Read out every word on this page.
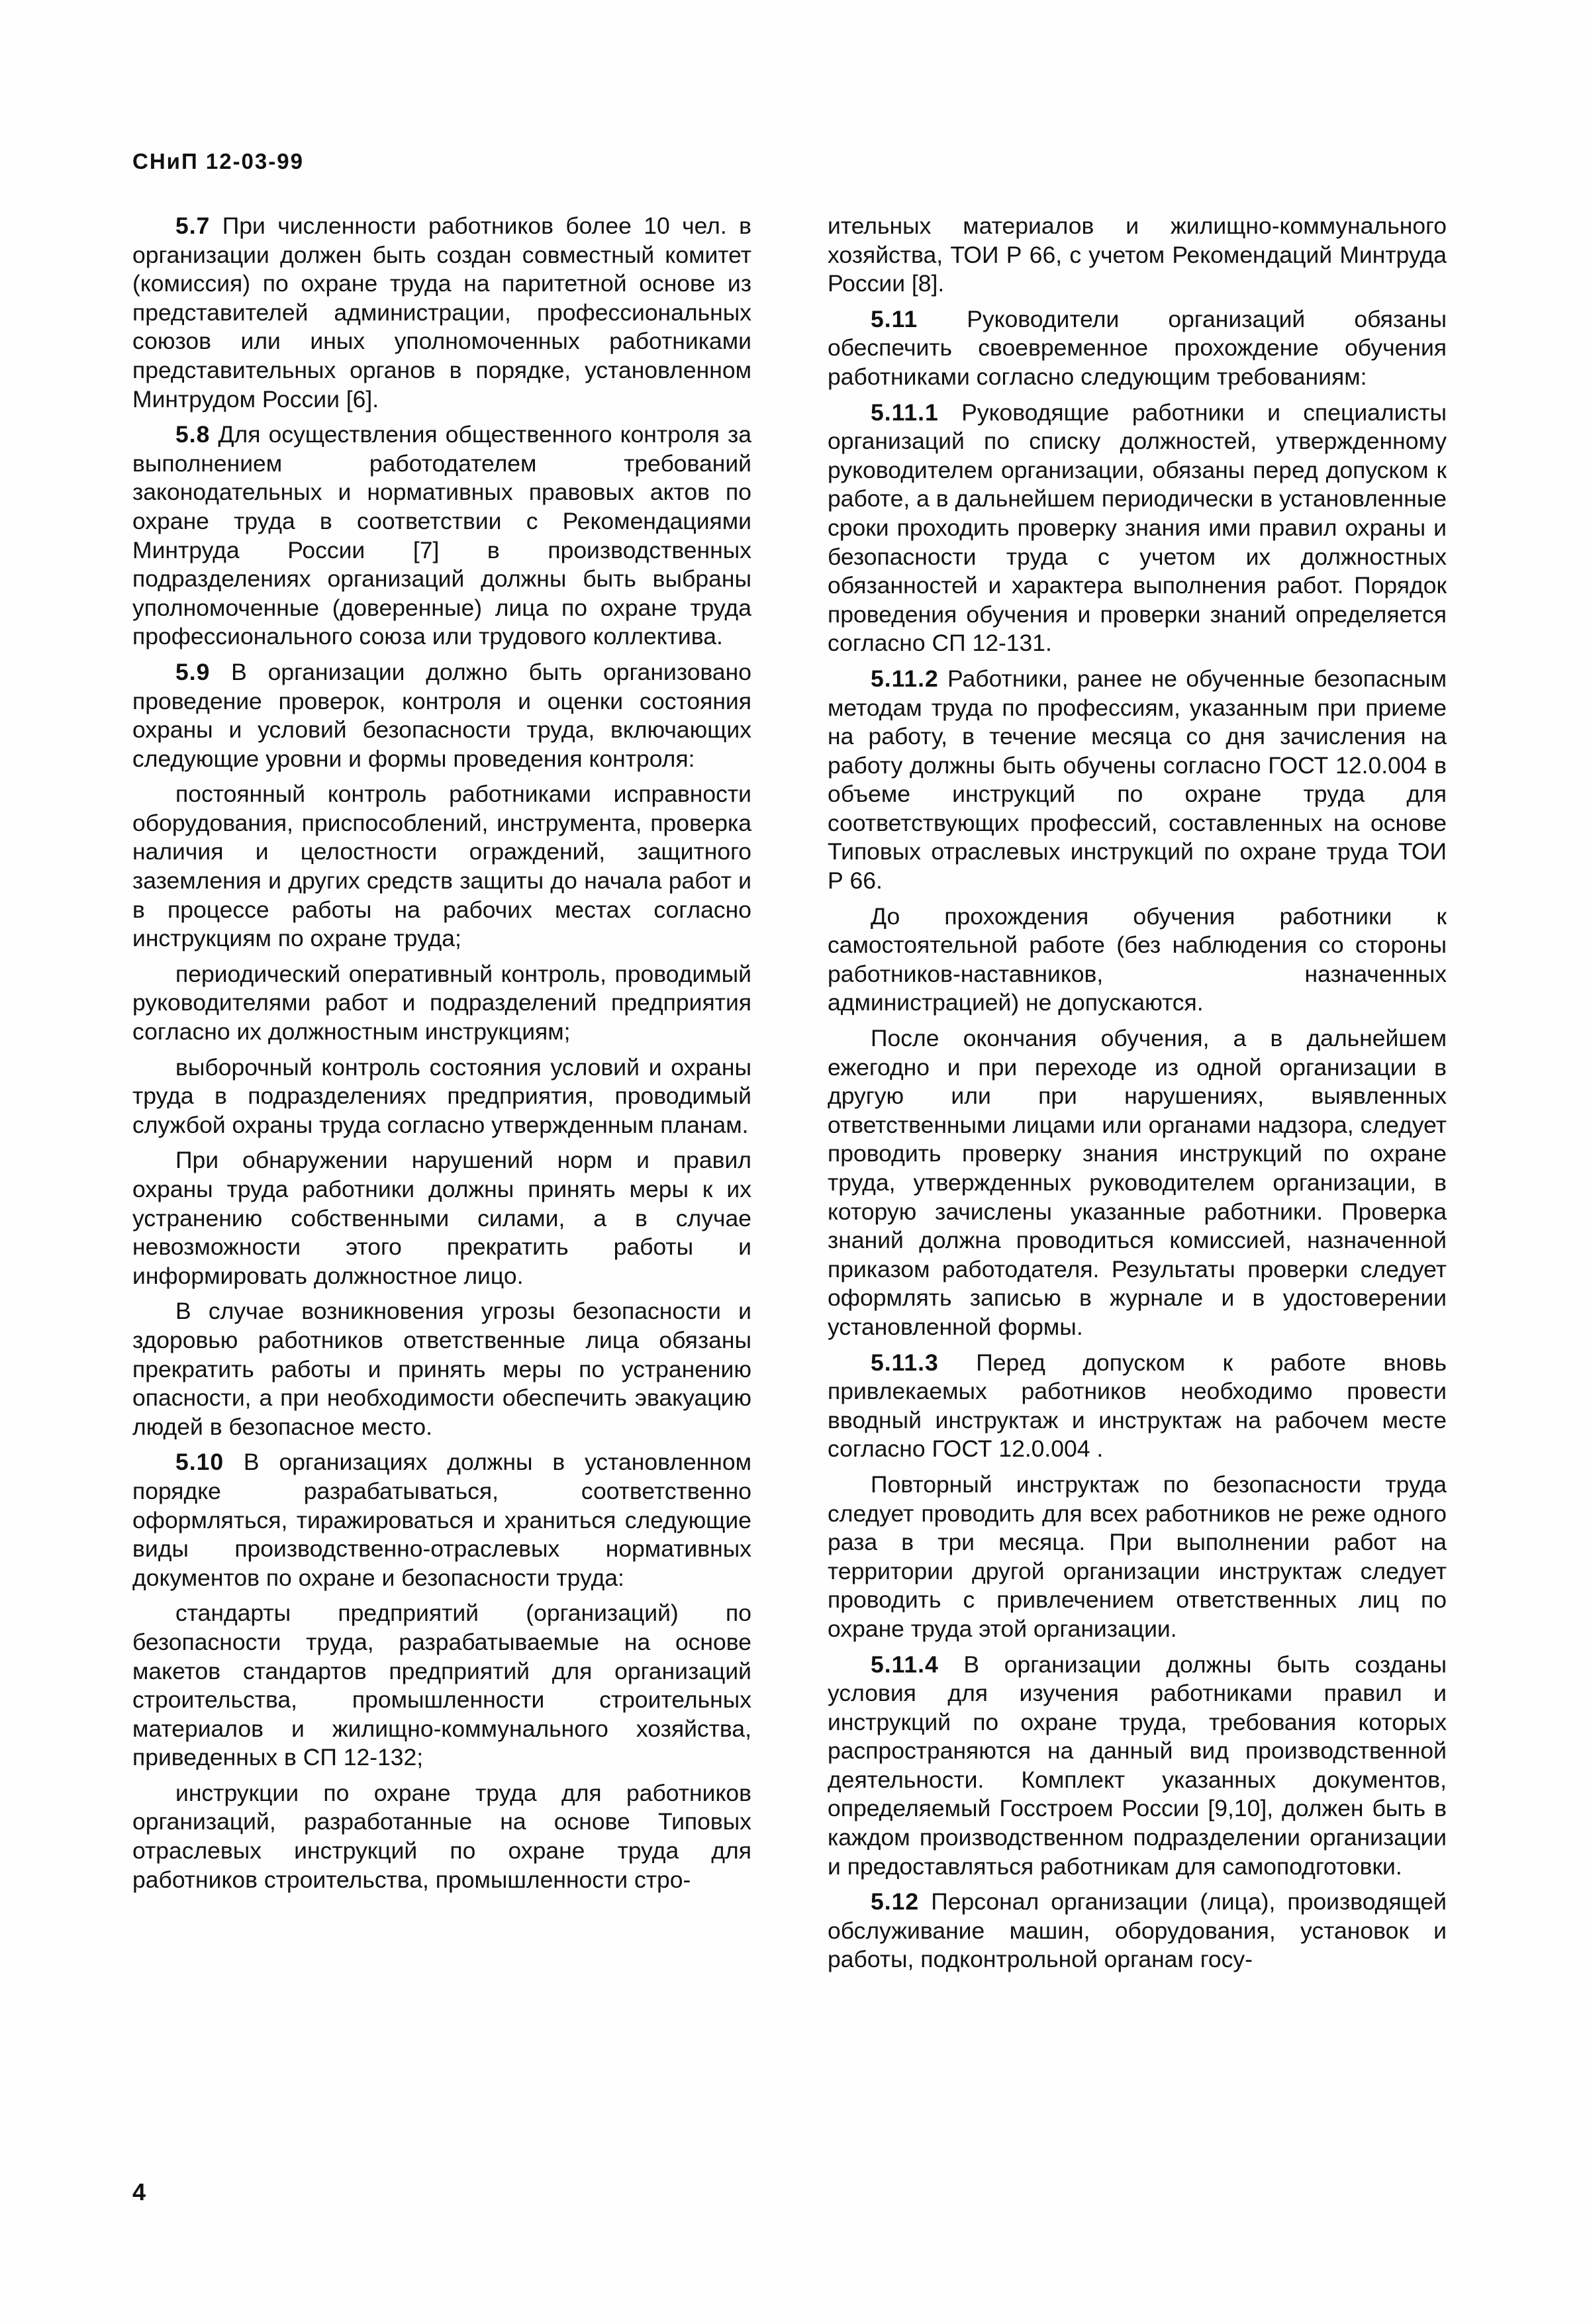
СНиП 12-03-99

5.7 При численности работников более 10 чел. в организации должен быть создан совместный комитет (комиссия) по охране труда на паритетной основе из представителей администрации, профессиональных союзов или иных уполномоченных работниками представительных органов в порядке, установленном Минтрудом России [6].

5.8 Для осуществления общественного контроля за выполнением работодателем требований законодательных и нормативных правовых актов по охране труда в соответствии с Рекомендациями Минтруда России [7] в производственных подразделениях организаций должны быть выбраны уполномоченные (доверенные) лица по охране труда профессионального союза или трудового коллектива.

5.9 В организации должно быть организовано проведение проверок, контроля и оценки состояния охраны и условий безопасности труда, включающих следующие уровни и формы проведения контроля:

постоянный контроль работниками исправности оборудования, приспособлений, инструмента, проверка наличия и целостности ограждений, защитного заземления и других средств защиты до начала работ и в процессе работы на рабочих местах согласно инструкциям по охране труда;

периодический оперативный контроль, проводимый руководителями работ и подразделений предприятия согласно их должностным инструкциям;

выборочный контроль состояния условий и охраны труда в подразделениях предприятия, проводимый службой охраны труда согласно утвержденным планам.

При обнаружении нарушений норм и правил охраны труда работники должны принять меры к их устранению собственными силами, а в случае невозможности этого прекратить работы и информировать должностное лицо.

В случае возникновения угрозы безопасности и здоровью работников ответственные лица обязаны прекратить работы и принять меры по устранению опасности, а при необходимости обеспечить эвакуацию людей в безопасное место.

5.10 В организациях должны в установленном порядке разрабатываться, соответственно оформляться, тиражироваться и храниться следующие виды производственно-отраслевых нормативных документов по охране и безопасности труда:

стандарты предприятий (организаций) по безопасности труда, разрабатываемые на основе макетов стандартов предприятий для организаций строительства, промышленности строительных материалов и жилищно-коммунального хозяйства, приведенных в СП 12-132;

инструкции по охране труда для работников организаций, разработанные на основе Типовых отраслевых инструкций по охране труда для работников строительства, промышленности стро-

ительных материалов и жилищно-коммунального хозяйства, ТОИ Р 66, с учетом Рекомендаций Минтруда России [8].

5.11 Руководители организаций обязаны обеспечить своевременное прохождение обучения работниками согласно следующим требованиям:

5.11.1 Руководящие работники и специалисты организаций по списку должностей, утвержденному руководителем организации, обязаны перед допуском к работе, а в дальнейшем периодически в установленные сроки проходить проверку знания ими правил охраны и безопасности труда с учетом их должностных обязанностей и характера выполнения работ. Порядок проведения обучения и проверки знаний определяется согласно СП 12-131.

5.11.2 Работники, ранее не обученные безопасным методам труда по профессиям, указанным при приеме на работу, в течение месяца со дня зачисления на работу должны быть обучены согласно ГОСТ 12.0.004 в объеме инструкций по охране труда для соответствующих профессий, составленных на основе Типовых отраслевых инструкций по охране труда ТОИ Р 66.

До прохождения обучения работники к самостоятельной работе (без наблюдения со стороны работников-наставников, назначенных администрацией) не допускаются.

После окончания обучения, а в дальнейшем ежегодно и при переходе из одной организации в другую или при нарушениях, выявленных ответственными лицами или органами надзора, следует проводить проверку знания инструкций по охране труда, утвержденных руководителем организации, в которую зачислены указанные работники. Проверка знаний должна проводиться комиссией, назначенной приказом работодателя. Результаты проверки следует оформлять записью в журнале и в удостоверении установленной формы.

5.11.3 Перед допуском к работе вновь привлекаемых работников необходимо провести вводный инструктаж и инструктаж на рабочем месте согласно ГОСТ 12.0.004 .

Повторный инструктаж по безопасности труда следует проводить для всех работников не реже одного раза в три месяца. При выполнении работ на территории другой организации инструктаж следует проводить с привлечением ответственных лиц по охране труда этой организации.

5.11.4 В организации должны быть созданы условия для изучения работниками правил и инструкций по охране труда, требования которых распространяются на данный вид производственной деятельности. Комплект указанных документов, определяемый Госстроем России [9,10], должен быть в каждом производственном подразделении организации и предоставляться работникам для самоподготовки.

5.12 Персонал организации (лица), производящей обслуживание машин, оборудования, установок и работы, подконтрольной органам госу-

4
